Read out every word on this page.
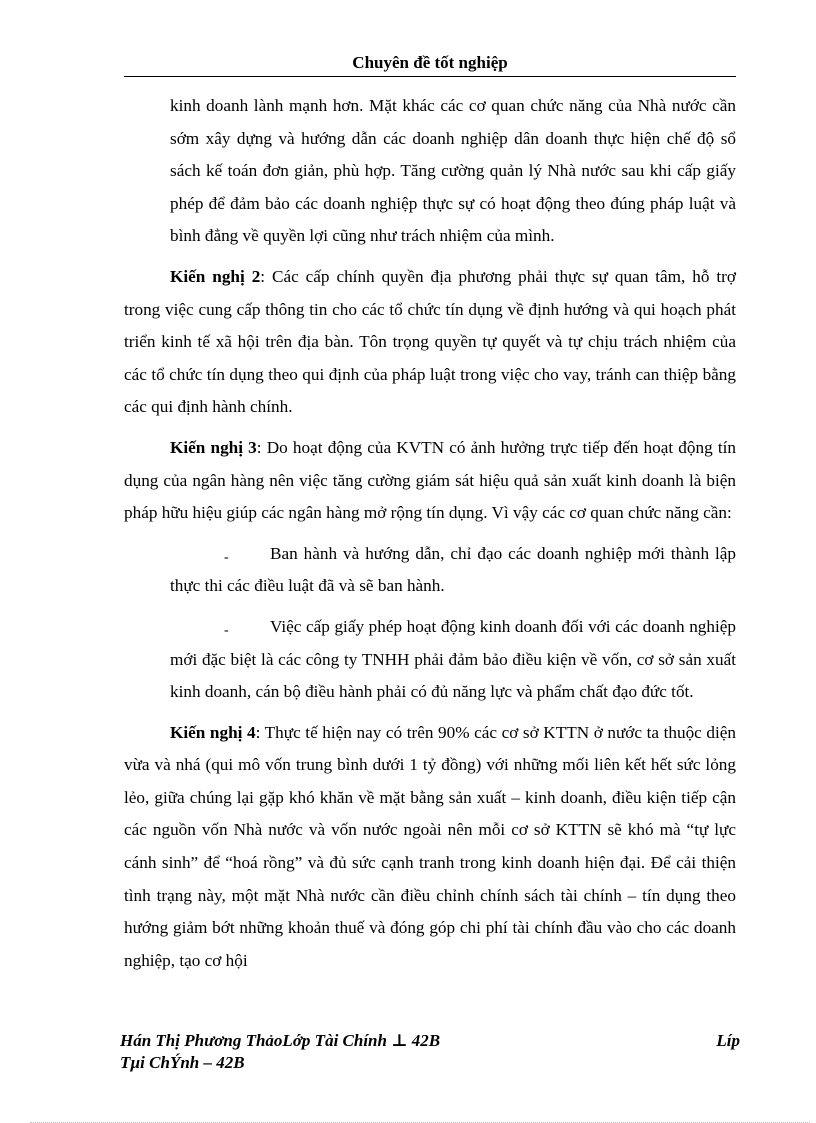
Chuyên đề tốt nghiệp

kinh doanh lành mạnh hơn. Mặt khác các cơ quan chức năng của Nhà nước cần sớm xây dựng và hướng dẫn các doanh nghiệp dân doanh thực hiện chế độ sổ sách kế toán đơn giản, phù hợp. Tăng cường quản lý Nhà nước sau khi cấp giấy phép để đảm bảo các doanh nghiệp thực sự có hoạt động theo đúng pháp luật và bình đẳng về quyền lợi cũng như trách nhiệm của mình.

Kiến nghị 2: Các cấp chính quyền địa phương phải thực sự quan tâm, hỗ trợ trong việc cung cấp thông tin cho các tổ chức tín dụng về định hướng và qui hoạch phát triển kinh tế xã hội trên địa bàn. Tôn trọng quyền tự quyết và tự chịu trách nhiệm của các tổ chức tín dụng theo qui định của pháp luật trong việc cho vay, tránh can thiệp bằng các qui định hành chính.

Kiến nghị 3: Do hoạt động của KVTN có ảnh hưởng trực tiếp đến hoạt động tín dụng của ngân hàng nên việc tăng cường giám sát hiệu quả sản xuất kinh doanh là biện pháp hữu hiệu giúp các ngân hàng mở rộng tín dụng. Vì vậy các cơ quan chức năng cần:

-	Ban hành và hướng dẫn, chỉ đạo các doanh nghiệp mới thành lập thực thi các điều luật đã và sẽ ban hành.

-	Việc cấp giấy phép hoạt động kinh doanh đối với các doanh nghiệp mới đặc biệt là các công ty TNHH phải đảm bảo điều kiện về vốn, cơ sở sản xuất kinh doanh, cán bộ điều hành phải có đủ năng lực và phẩm chất đạo đức tốt.

Kiến nghị 4: Thực tế hiện nay có trên 90% các cơ sở KTTN ở nước ta thuộc diện vừa và nhá (qui mô vốn trung bình dưới 1 tỷ đồng) với những mối liên kết hết sức lỏng lẻo, giữa chúng lại gặp khó khăn về mặt bằng sản xuất – kinh doanh, điều kiện tiếp cận các nguồn vốn Nhà nước và vốn nước ngoài nên mỗi cơ sở KTTN sẽ khó mà “tự lực cánh sinh” để “hoá rồng” và đủ sức cạnh tranh trong kinh doanh hiện đại. Để cải thiện tình trạng này, một mặt Nhà nước cần điều chỉnh chính sách tài chính – tín dụng theo hướng giảm bớt những khoản thuế và đóng góp chi phí tài chính đầu vào cho các doanh nghiệp, tạo cơ hội

Hán Thị Phương ThảoLớp Tài Chính ⊥ 42B	Líp
Tµi ChÝnh – 42B
